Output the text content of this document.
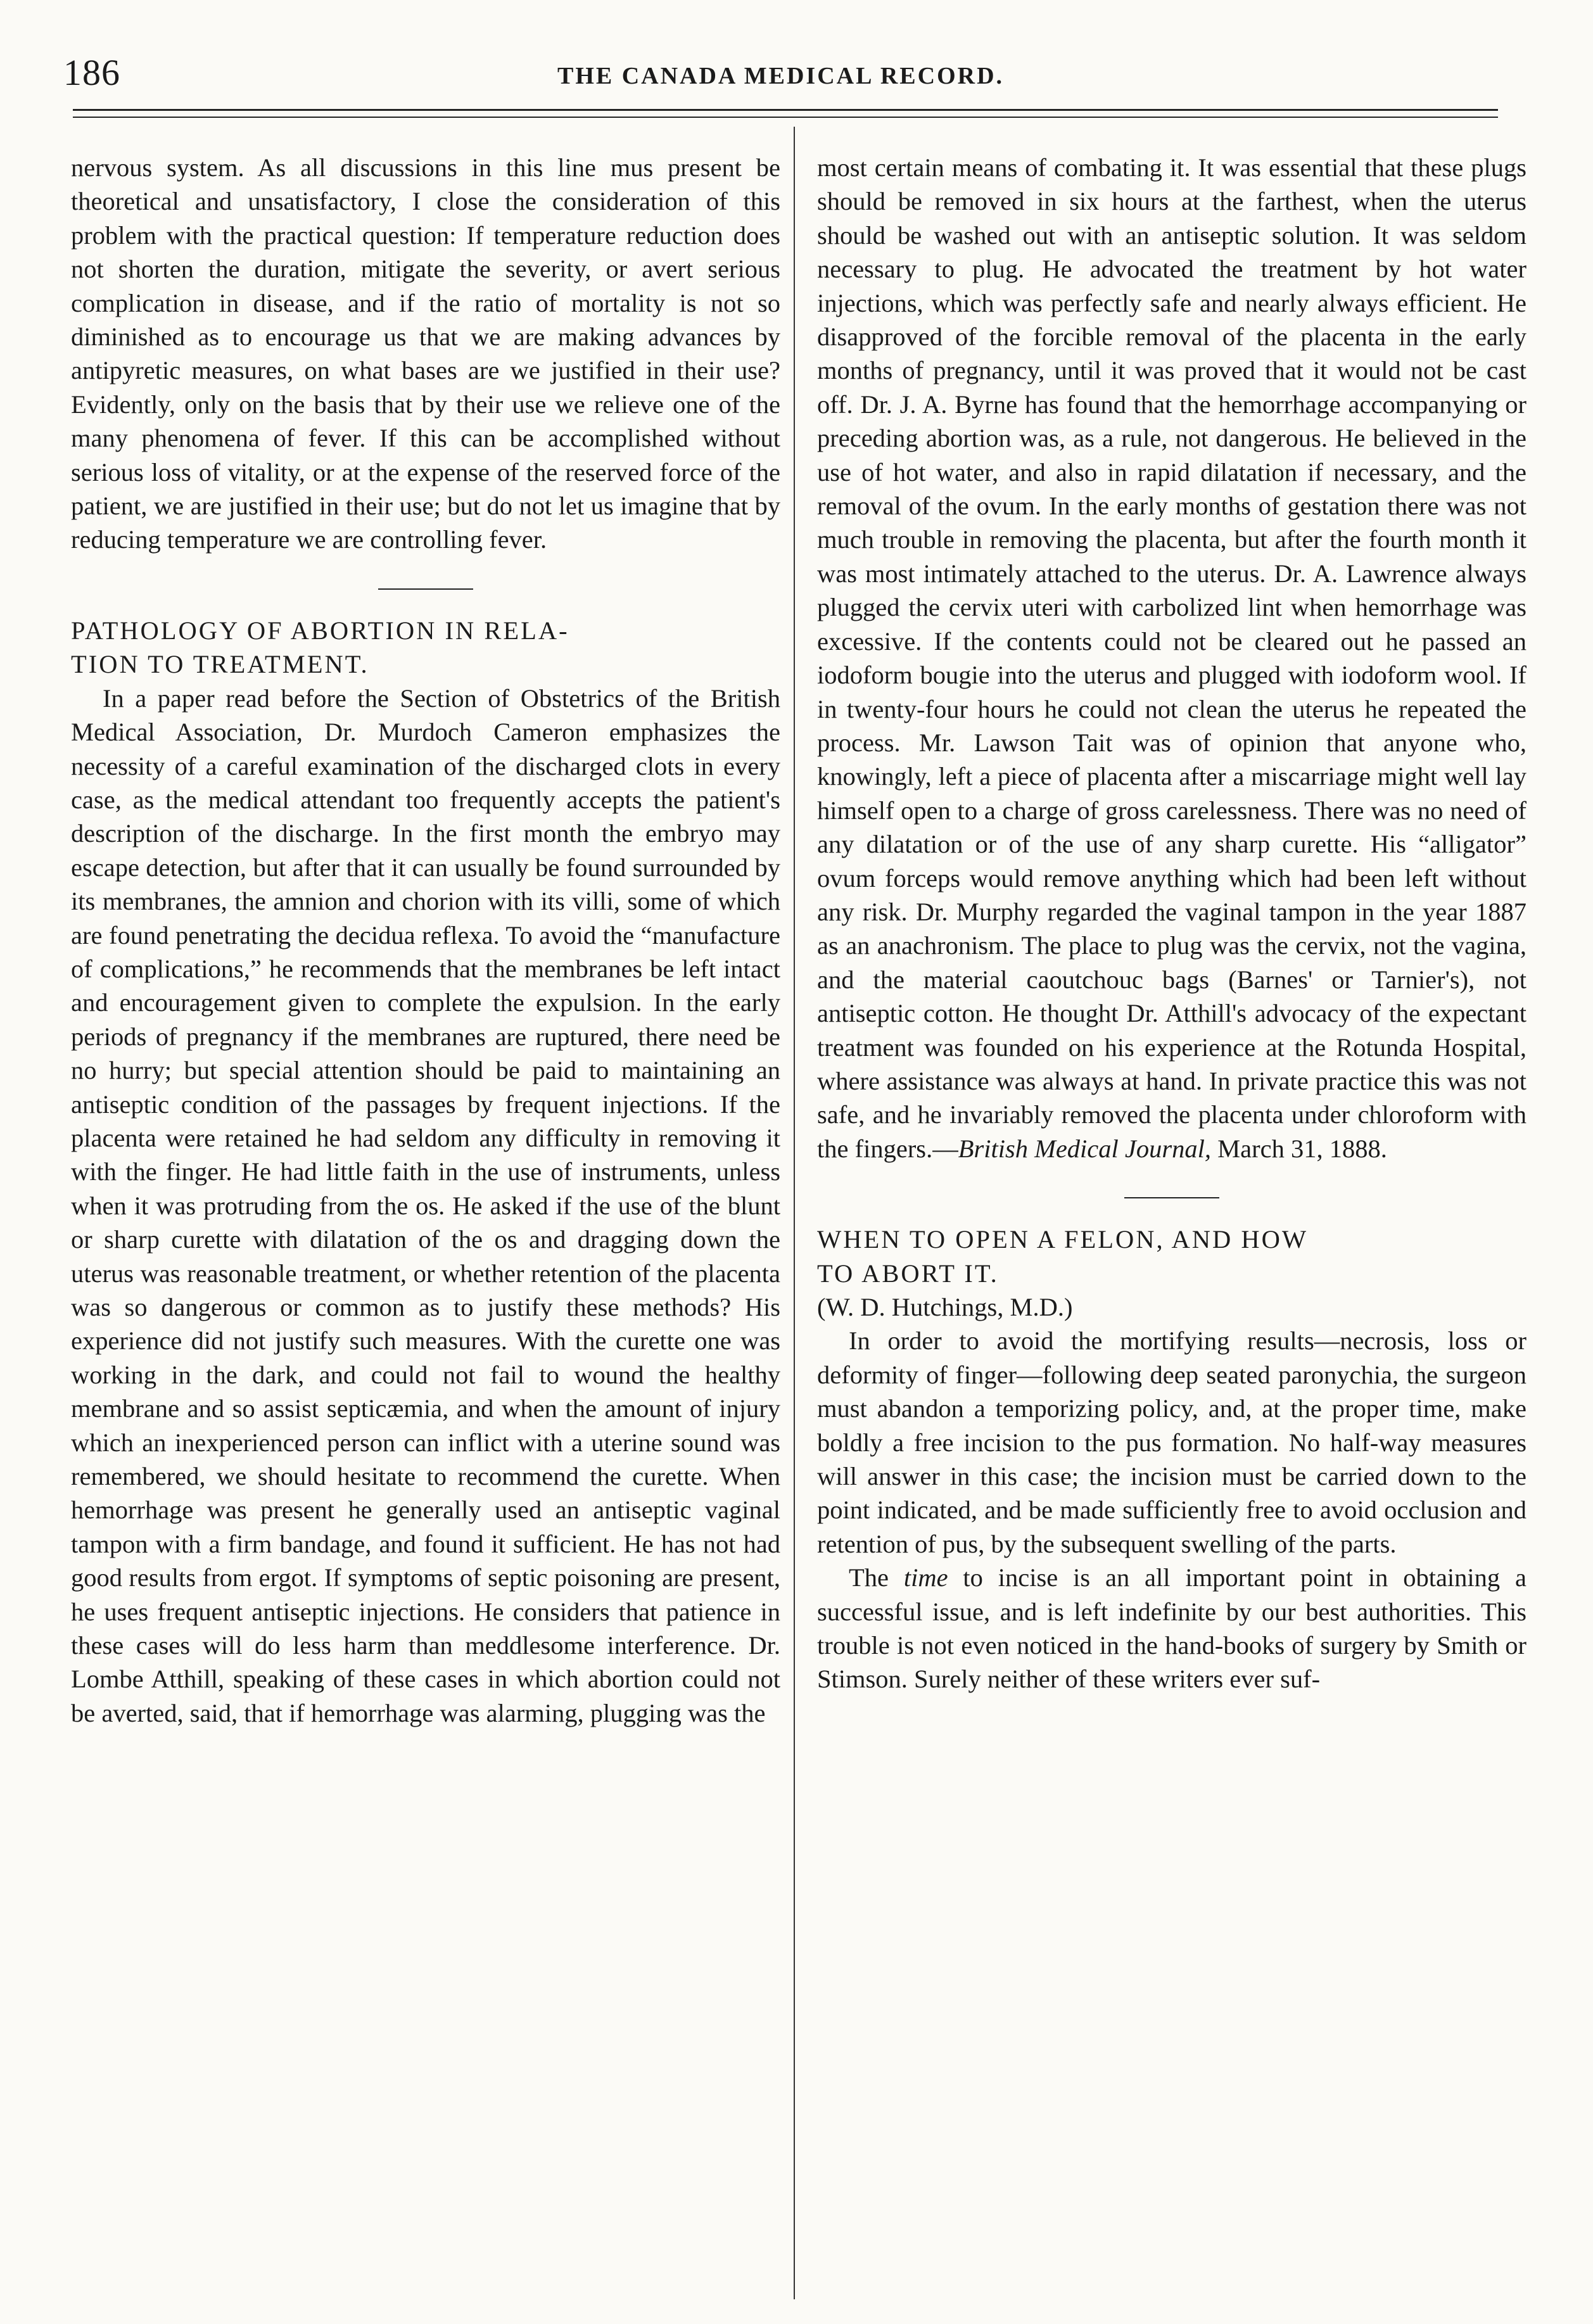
186	THE CANADA MEDICAL RECORD.

nervous system. As all discussions in this line mus present be theoretical and unsatisfactory, I close the consideration of this problem with the practical question: If temperature reduction does not shorten the duration, mitigate the severity, or avert serious complication in disease, and if the ratio of mortality is not so diminished as to encourage us that we are making advances by antipyretic measures, on what bases are we justified in their use? Evidently, only on the basis that by their use we relieve one of the many phenomena of fever. If this can be accomplished without serious loss of vitality, or at the expense of the reserved force of the patient, we are justified in their use; but do not let us imagine that by reducing temperature we are controlling fever.

PATHOLOGY OF ABORTION IN RELA-

TION TO TREATMENT.

In a paper read before the Section of Obstetrics of the British Medical Association, Dr. Murdoch Cameron emphasizes the necessity of a careful examination of the discharged clots in every case, as the medical attendant too frequently accepts the patient's description of the discharge. In the first month the embryo may escape detection, but after that it can usually be found surrounded by its membranes, the amnion and chorion with its villi, some of which are found penetrating the decidua reflexa. To avoid the “manufacture of complications,” he recommends that the membranes be left intact and encouragement given to complete the expulsion. In the early periods of pregnancy if the membranes are ruptured, there need be no hurry; but special attention should be paid to maintaining an antiseptic condition of the passages by frequent injections. If the placenta were retained he had seldom any difficulty in removing it with the finger. He had little faith in the use of instruments, unless when it was protruding from the os. He asked if the use of the blunt or sharp curette with dilatation of the os and dragging down the uterus was reasonable treatment, or whether retention of the placenta was so dangerous or common as to justify these methods? His experience did not justify such measures. With the curette one was working in the dark, and could not fail to wound the healthy membrane and so assist septicæmia, and when the amount of injury which an inexperienced person can inflict with a uterine sound was remembered, we should hesitate to recommend the curette. When hemorrhage was present he generally used an antiseptic vaginal tampon with a firm bandage, and found it sufficient. He has not had good results from ergot. If symptoms of septic poisoning are present, he uses frequent antiseptic injections. He considers that patience in these cases will do less harm than meddlesome interference. Dr. Lombe Atthill, speaking of these cases in which abortion could not be averted, said, that if hemorrhage was alarming, plugging was the

most certain means of combating it. It was essential that these plugs should be removed in six hours at the farthest, when the uterus should be washed out with an antiseptic solution. It was seldom necessary to plug. He advocated the treatment by hot water injections, which was perfectly safe and nearly always efficient. He disapproved of the forcible removal of the placenta in the early months of pregnancy, until it was proved that it would not be cast off. Dr. J. A. Byrne has found that the hemorrhage accompanying or preceding abortion was, as a rule, not dangerous. He believed in the use of hot water, and also in rapid dilatation if necessary, and the removal of the ovum. In the early months of gestation there was not much trouble in removing the placenta, but after the fourth month it was most intimately attached to the uterus. Dr. A. Lawrence always plugged the cervix uteri with carbolized lint when hemorrhage was excessive. If the contents could not be cleared out he passed an iodoform bougie into the uterus and plugged with iodoform wool. If in twenty-four hours he could not clean the uterus he repeated the process. Mr. Lawson Tait was of opinion that anyone who, knowingly, left a piece of placenta after a miscarriage might well lay himself open to a charge of gross carelessness. There was no need of any dilatation or of the use of any sharp curette. His “alligator” ovum forceps would remove anything which had been left without any risk. Dr. Murphy regarded the vaginal tampon in the year 1887 as an anachronism. The place to plug was the cervix, not the vagina, and the material caoutchouc bags (Barnes' or Tarnier's), not antiseptic cotton. He thought Dr. Atthill's advocacy of the expectant treatment was founded on his experience at the Rotunda Hospital, where assistance was always at hand. In private practice this was not safe, and he invariably removed the placenta under chloroform with the fingers.—British Medical Journal, March 31, 1888.

WHEN TO OPEN A FELON, AND HOW

TO ABORT IT.

(W. D. Hutchings, M.D.)

In order to avoid the mortifying results—necrosis, loss or deformity of finger—following deep seated paronychia, the surgeon must abandon a temporizing policy, and, at the proper time, make boldly a free incision to the pus formation. No half-way measures will answer in this case; the incision must be carried down to the point indicated, and be made sufficiently free to avoid occlusion and retention of pus, by the subsequent swelling of the parts.

The time to incise is an all important point in obtaining a successful issue, and is left indefinite by our best authorities. This trouble is not even noticed in the hand-books of surgery by Smith or Stimson. Surely neither of these writers ever suf-
